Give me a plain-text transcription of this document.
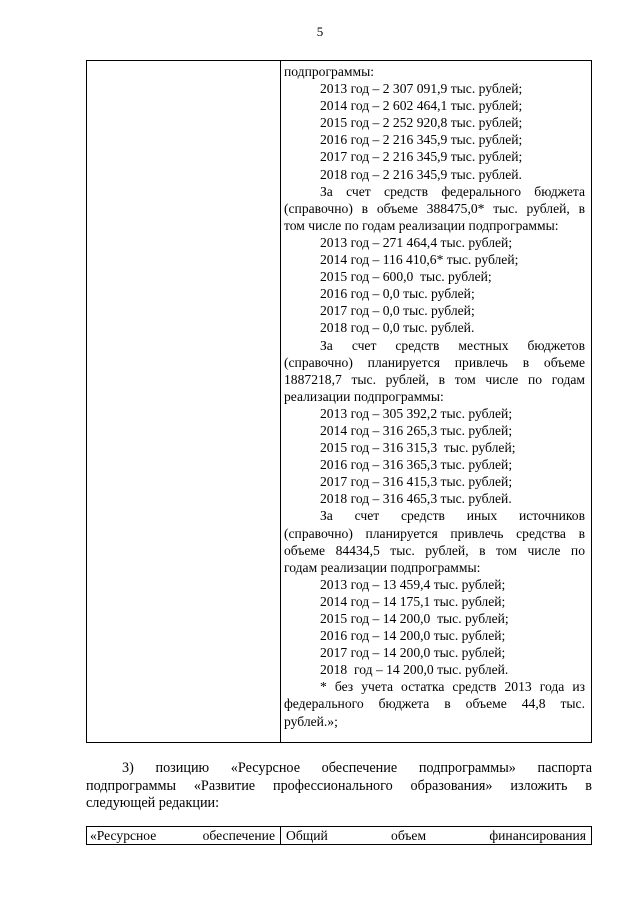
5
подпрограммы:
2013 год – 2 307 091,9 тыс. рублей;
2014 год – 2 602 464,1 тыс. рублей;
2015 год – 2 252 920,8 тыс. рублей;
2016 год – 2 216 345,9 тыс. рублей;
2017 год – 2 216 345,9 тыс. рублей;
2018 год – 2 216 345,9 тыс. рублей.
За счет средств федерального бюджета
(справочно) в объеме 388475,0* тыс. рублей, в
том числе по годам реализации подпрограммы:
2013 год – 271 464,4 тыс. рублей;
2014 год – 116 410,6* тыс. рублей;
2015 год – 600,0  тыс. рублей;
2016 год – 0,0 тыс. рублей;
2017 год – 0,0 тыс. рублей;
2018 год – 0,0 тыс. рублей.
За счет средств местных бюджетов
(справочно) планируется привлечь в объеме
1887218,7 тыс. рублей, в том числе по годам
реализации подпрограммы:
2013 год – 305 392,2 тыс. рублей;
2014 год – 316 265,3 тыс. рублей;
2015 год – 316 315,3  тыс. рублей;
2016 год – 316 365,3 тыс. рублей;
2017 год – 316 415,3 тыс. рублей;
2018 год – 316 465,3 тыс. рублей.
За счет средств иных источников
(справочно) планируется привлечь средства в
объеме 84434,5 тыс. рублей, в том числе по
годам реализации подпрограммы:
2013 год – 13 459,4 тыс. рублей;
2014 год – 14 175,1 тыс. рублей;
2015 год – 14 200,0  тыс. рублей;
2016 год – 14 200,0 тыс. рублей;
2017 год – 14 200,0 тыс. рублей;
2018  год – 14 200,0 тыс. рублей.
* без учета остатка средств 2013 года из
федерального бюджета в объеме 44,8 тыс.
рублей.»;
3) позицию «Ресурсное обеспечение подпрограммы» паспорта
подпрограммы «Развитие профессионального образования» изложить в
следующей редакции:
«Ресурсное обеспечение Общий объем финансирования
